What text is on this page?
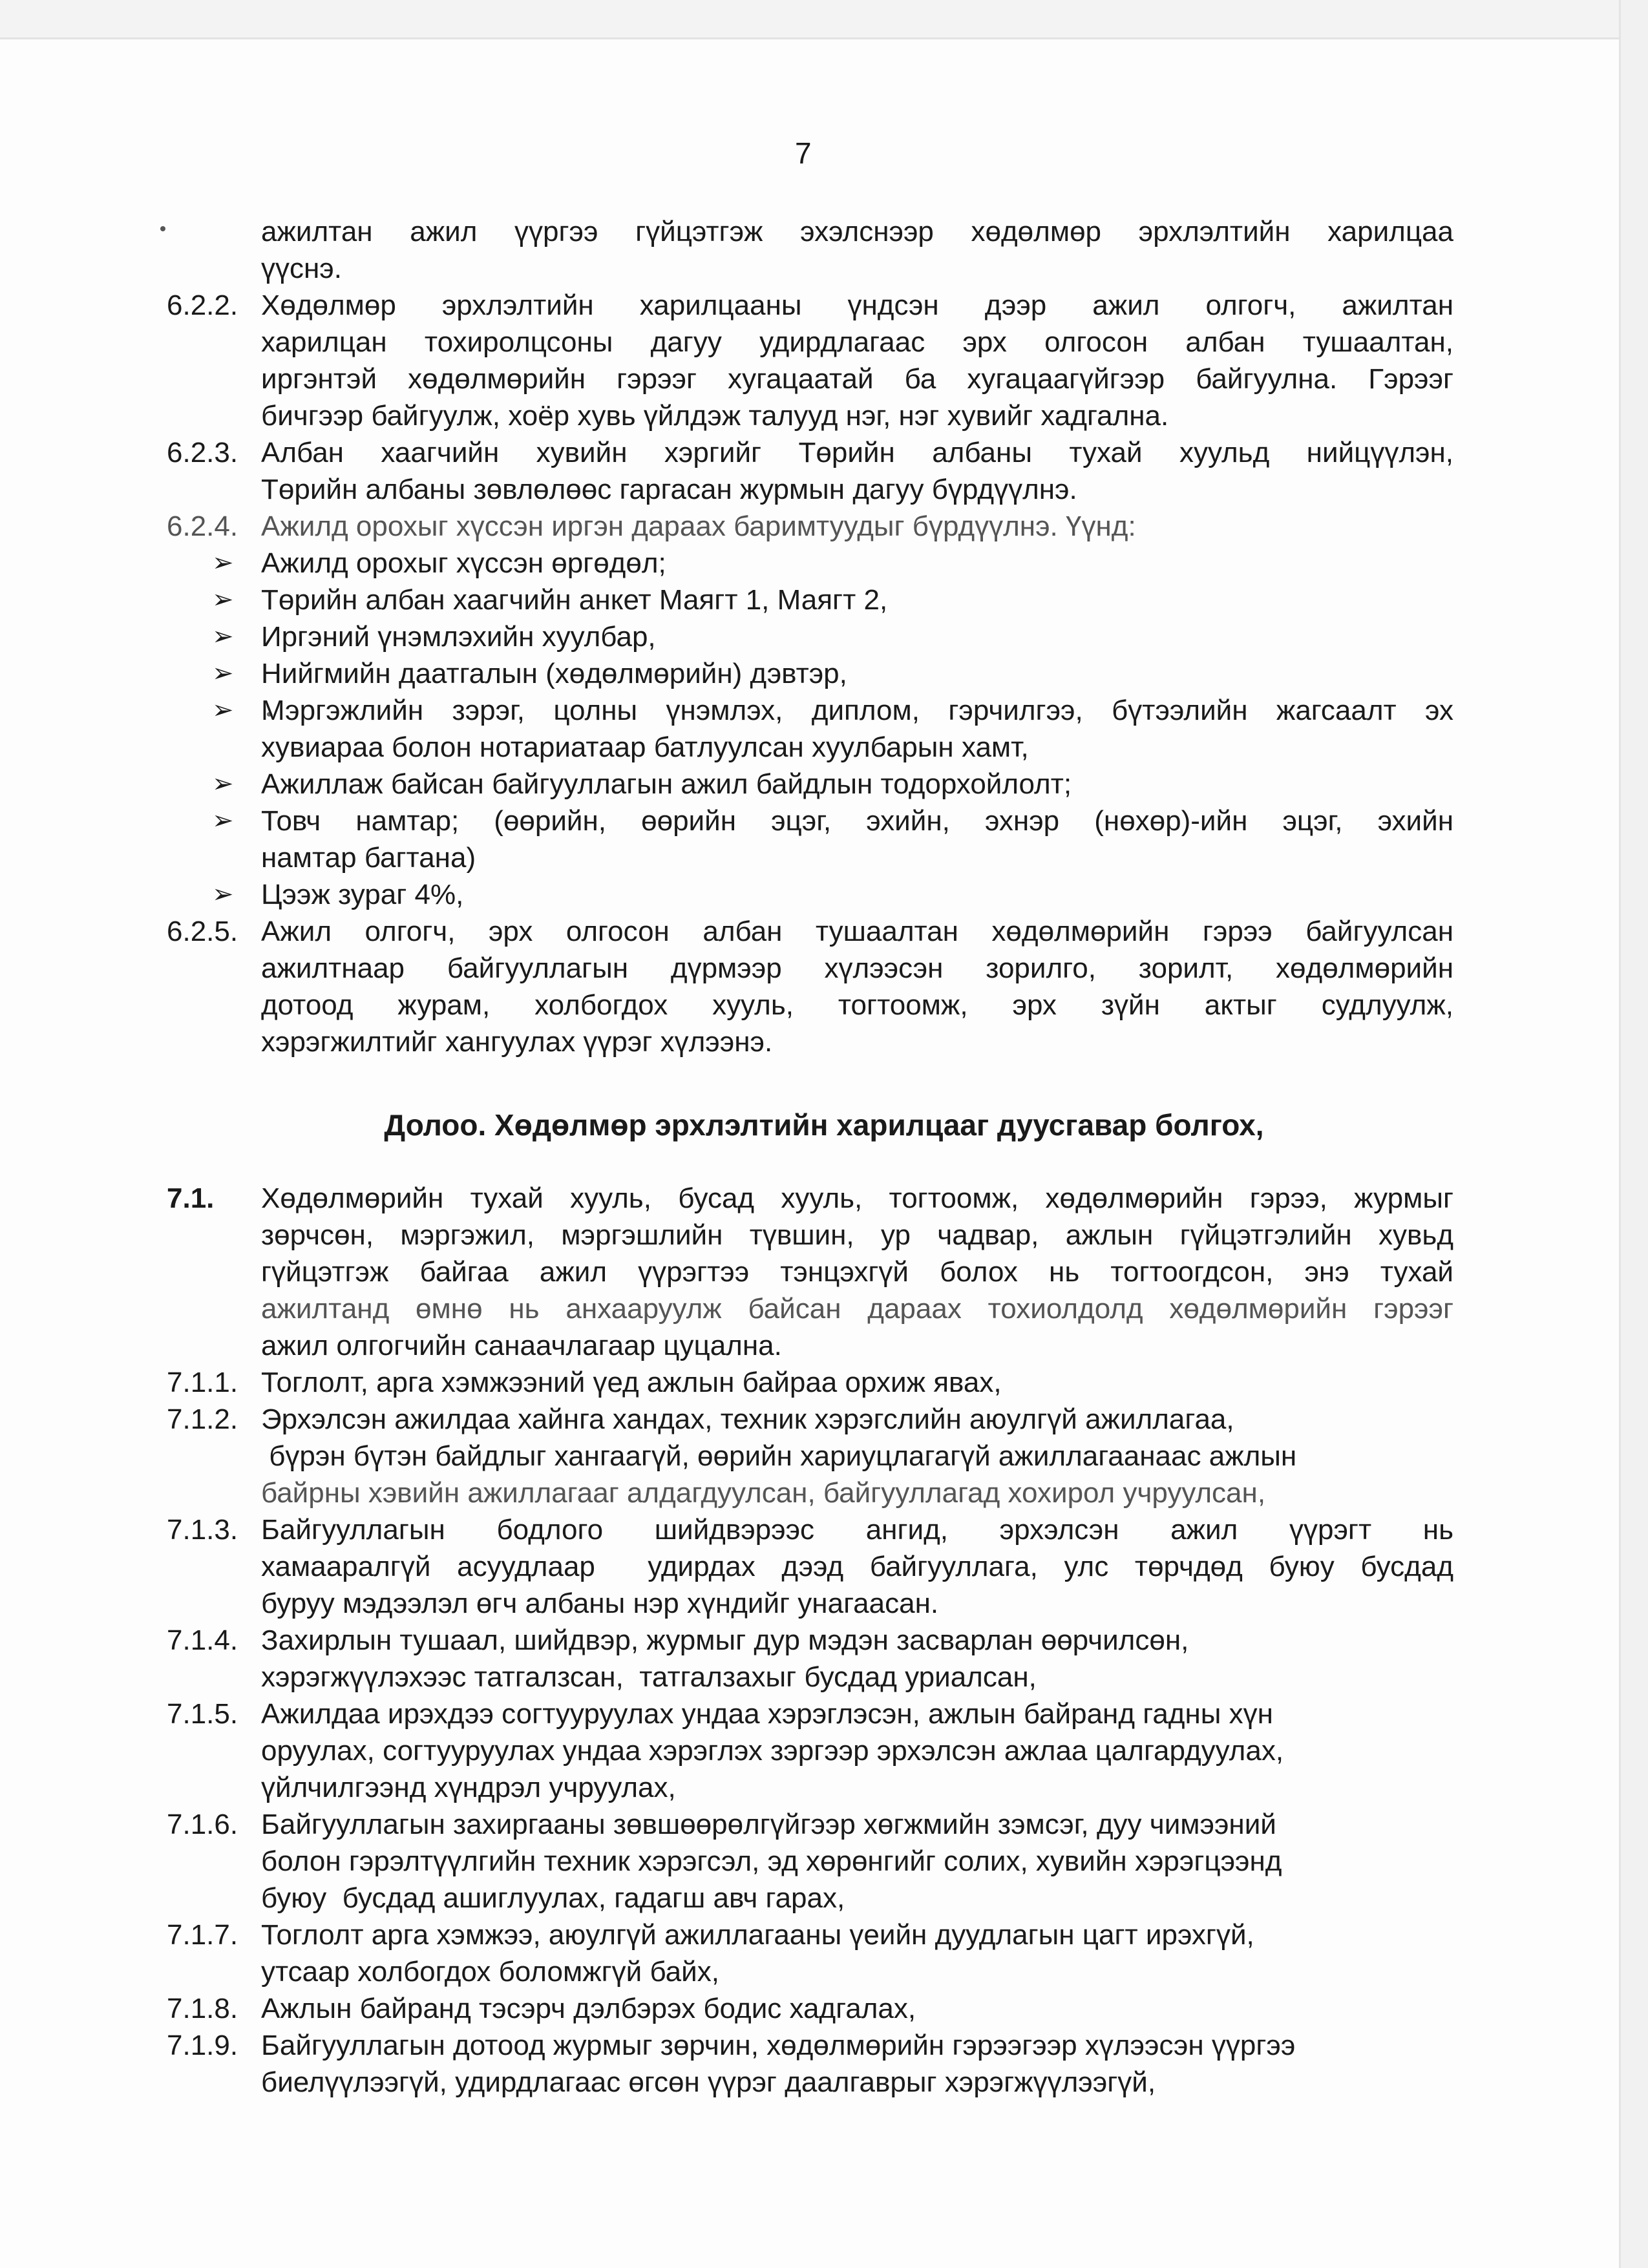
7
ажилтан ажил үүргээ гүйцэтгэж эхэлснээр хөдөлмөр эрхлэлтийн харилцаа
үүснэ.
6.2.2. Хөдөлмөр эрхлэлтийн харилцааны үндсэн дээр ажил олгогч, ажилтан
харилцан тохиролцсоны дагуу удирдлагаас эрх олгосон албан тушаалтан,
иргэнтэй хөдөлмөрийн гэрээг хугацаатай ба хугацаагүйгээр байгуулна. Гэрээг
бичгээр байгуулж, хоёр хувь үйлдэж талууд нэг, нэг хувийг хадгална.
6.2.3. Албан хаагчийн хувийн хэргийг Төрийн албаны тухай хуульд нийцүүлэн,
Төрийн албаны зөвлөлөөс гаргасан журмын дагуу бүрдүүлнэ.
6.2.4. Ажилд орохыг хүссэн иргэн дараах баримтуудыг бүрдүүлнэ. Үүнд:
➢ Ажилд орохыг хүссэн өргөдөл;
➢ Төрийн албан хаагчийн анкет Маягт 1, Маягт 2,
➢ Иргэний үнэмлэхийн хуулбар,
➢ Нийгмийн даатгалын (хөдөлмөрийн) дэвтэр,
➢ Мэргэжлийн зэрэг, цолны үнэмлэх, диплом, гэрчилгээ, бүтээлийн жагсаалт эх
хувиараа болон нотариатаар батлуулсан хуулбарын хамт,
➢ Ажиллаж байсан байгууллагын ажил байдлын тодорхойлолт;
➢ Товч намтар; (өөрийн, өөрийн эцэг, эхийн, эхнэр (нөхөр)-ийн эцэг, эхийн
намтар багтана)
➢ Цээж зураг 4%,
6.2.5. Ажил олгогч, эрх олгосон албан тушаалтан хөдөлмөрийн гэрээ байгуулсан
ажилтнаар байгууллагын дүрмээр хүлээсэн зорилго, зорилт, хөдөлмөрийн
дотоод журам, холбогдох хууль, тогтоомж, эрх зүйн актыг судлуулж,
хэрэгжилтийг хангуулах үүрэг хүлээнэ.
Долоо. Хөдөлмөр эрхлэлтийн харилцааг дуусгавар болгох,
7.1.	Хөдөлмөрийн тухай хууль, бусад хууль, тогтоомж, хөдөлмөрийн гэрээ, журмыг
зөрчсөн, мэргэжил, мэргэшлийн түвшин, ур чадвар, ажлын гүйцэтгэлийн хувьд
гүйцэтгэж байгаа ажил үүрэгтээ тэнцэхгүй болох нь тогтоогдсон, энэ тухай
ажилтанд өмнө нь анхааруулж байсан дараах тохиолдолд хөдөлмөрийн гэрээг
ажил олгогчийн санаачлагаар цуцална.
7.1.1. Тоглолт, арга хэмжээний үед ажлын байраа орхиж явах,
7.1.2. Эрхэлсэн ажилдаа хайнга хандах, техник хэрэгслийн аюулгүй ажиллагаа,
бүрэн бүтэн байдлыг хангаагүй, өөрийн хариуцлагагүй ажиллагаанаас ажлын
байрны хэвийн ажиллагааг алдагдуулсан, байгууллагад хохирол учруулсан,
7.1.3. Байгууллагын бодлого шийдвэрээс ангид, эрхэлсэн ажил үүрэгт нь
хамааралгүй асуудлаар  удирдах дээд байгууллага, улс төрчдөд буюу бусдад
буруу мэдээлэл өгч албаны нэр хүндийг унагаасан.
7.1.4. Захирлын тушаал, шийдвэр, журмыг дур мэдэн засварлан өөрчилсөн,
хэрэгжүүлэхээс татгалзсан,  татгалзахыг бусдад уриалсан,
7.1.5. Ажилдаа ирэхдээ согтууруулах ундаа хэрэглэсэн, ажлын байранд гадны хүн
оруулах, согтууруулах ундаа хэрэглэх зэргээр эрхэлсэн ажлаа цалгардуулах,
үйлчилгээнд хүндрэл учруулах,
7.1.6. Байгууллагын захиргааны зөвшөөрөлгүйгээр хөгжмийн зэмсэг, дуу чимээний
болон гэрэлтүүлгийн техник хэрэгсэл, эд хөрөнгийг солих, хувийн хэрэгцээнд
буюу  бусдад ашиглуулах, гадагш авч гарах,
7.1.7. Тоглолт арга хэмжээ, аюулгүй ажиллагааны үеийн дуудлагын цагт ирэхгүй,
утсаар холбогдох боломжгүй байх,
7.1.8. Ажлын байранд тэсэрч дэлбэрэх бодис хадгалах,
7.1.9. Байгууллагын дотоод журмыг зөрчин, хөдөлмөрийн гэрээгээр хүлээсэн үүргээ
биелүүлээгүй, удирдлагаас өгсөн үүрэг даалгаврыг хэрэгжүүлээгүй,
